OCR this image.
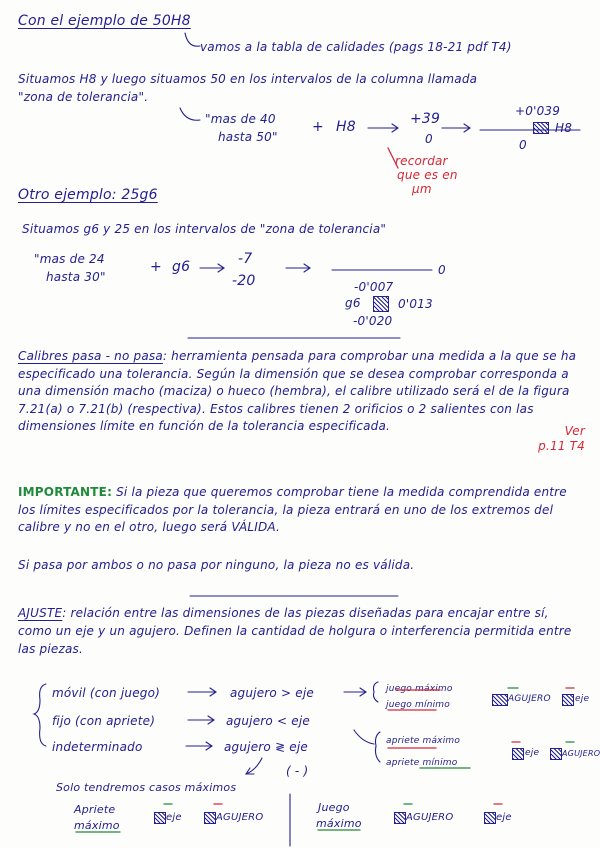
Con el ejemplo de 50H8
vamos a la tabla de calidades (pags 18-21 pdf T4)
Situamos H8 y luego situamos 50 en los intervalos de la columna llamada
"zona de tolerancia".
"mas de 40
hasta 50"
+ H8	+39
0
+0'039
H8
0
recordar
que es en
µm
Otro ejemplo: 25g6
Situamos g6 y 25 en los intervalos de "zona de tolerancia"
"mas de 24
hasta 30"
+ g6	-7
-20
0
-0'007
g6	0'013
-0'020
Calibres pasa - no pasa: herramienta pensada para comprobar una medida a la que se ha especificado una tolerancia. Según la dimensión que se desea comprobar corresponda a una dimensión macho (maciza) o hueco (hembra), el calibre utilizado será el de la figura 7.21(a) o 7.21(b) (respectiva). Estos calibres tienen 2 orificios o 2 salientes con las dimensiones límite en función de la tolerancia especificada.	Ver p.11 T4
IMPORTANTE: Si la pieza que queremos comprobar tiene la medida comprendida entre los límites especificados por la tolerancia, la pieza entrará en uno de los extremos del calibre y no en el otro, luego será VÁLIDA.
Si pasa por ambos o no pasa por ninguno, la pieza no es válida.
AJUSTE: relación entre las dimensiones de las piezas diseñadas para encajar entre sí, como un eje y un agujero. Definen la cantidad de holgura o interferencia permitida entre las piezas.
móvil (con juego)	agujero > eje
fijo (con apriete)	agujero < eje
indeterminado	agujero ≷ eje
juego máximo
juego mínimo
apriete máximo
apriete mínimo
AGUJERO	eje
eje	AGUJERO
( - )
Solo tendremos casos máximos
Apriete
máximo
eje	AGUJERO
Juego
máximo	AGUJERO	eje
